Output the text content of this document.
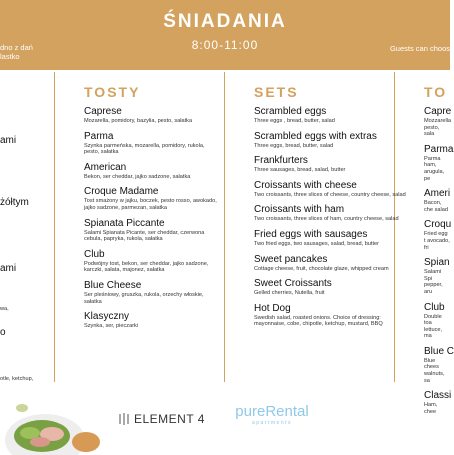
ŚNIADANIA
8:00-11:00
dno z dań
lastko
Guests can choos
ami
żółtym
ami
wa,
o
otle, ketchup,
TOSTY
Caprese
Mozarella, pomidory, bazylia, pesto, sałatka
Parma
Szynka parmeńska, mozarella, pomidory, rukola, pesto, sałatka
American
Bekon, ser cheddar, jajko sadzone, sałatka
Croque Madame
Tost smażony w jajku, boczek, pesto rosso, awokado, jajko sadzone, parmezan, sałatka
Spianata Piccante
Salami Spianata Picante, ser cheddar, czerwona cebula, papryka, rukola, sałatka
Club
Podwójny tost, bekon, ser cheddar, jajko sadzone, karczki, sałata, majonez, sałatka
Blue Cheese
Ser pleśniowy, gruszka, rukola, orzechy włoskie, sałatka
Klasyczny
Szynka, ser, pieczarki
SETS
Scrambled eggs
Three eggs , bread, butter, salad
Scrambled eggs with extras
Three eggs, bread, butter, salad
Frankfurters
Three sausages, bread, salad, butter
Croissants with cheese
Two croissants, three slices of cheese, country cheese, salad
Croissants with ham
Two croissants, three slices of ham, country cheese, salad
Fried eggs with sausages
Two fried eggs, two sausages, salad, bread, butter
Sweet pancakes
Cottage cheese, fruit, chocolate glaze, whipped cream
Sweet Croissants
Gelled cherries, Nutella, fruit
Hot Dog
Swedish salad, roasted onions. Choice of dressing: mayonnaise, cobe, chipotle, ketchup, mustard, BBQ
TO
Capre
Mozzarella pesto, sala
Parma
Parma ham, arugula, pe
Ameri
Bacon, che salad
Croqu
Fried egg t avocado, fri
Spian
Salami Spi pepper, aru
Club
Double toa lettuce, ma
Blue C
Blue chees walnuts, sa
Classi
Ham, chee
ELEMENT 4	pureRental
apartments
